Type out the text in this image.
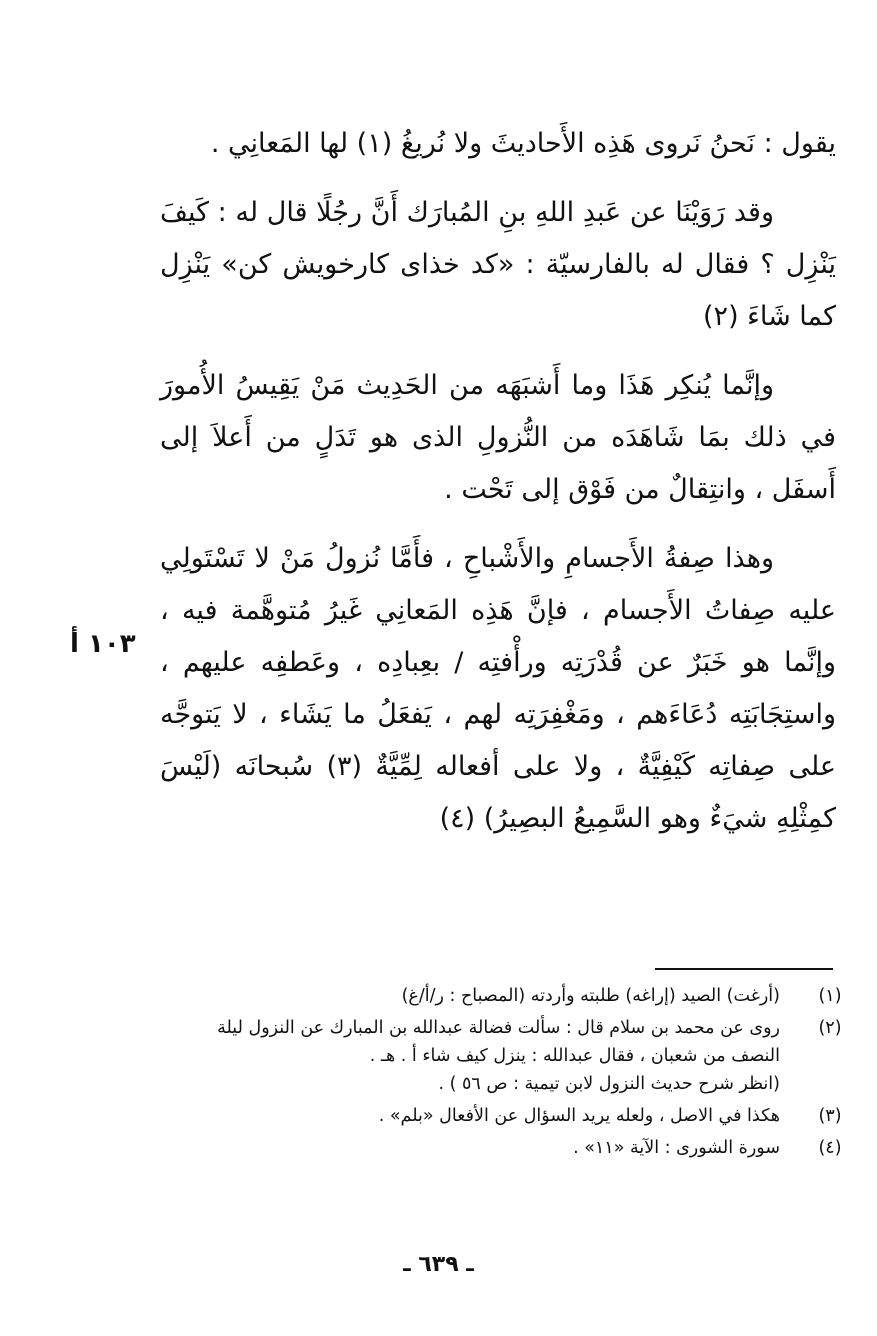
يقول : نَحنُ نَروى هَذِه الأَحاديثَ ولا نُريغُ (١) لها المَعانِي .

وقد رَوَيْنَا عن عَبدِ اللهِ بنِ المُبارَك أَنَّ رجُلًا قال له : كَيفَ يَنْزِل ؟ فقال له بالفارسيّة : «كد خذاى كارخويش كن» يَنْزِل كما شَاءَ (٢)

وإنَّما يُنكِر هَذَا وما أَشبَهَه من الحَدِيث مَنْ يَقِيسُ الأُمورَ في ذلك بمَا شَاهَدَه من النُّزولِ الذى هو تَدَلٍ من أَعلاَ إلى أَسفَل ، وانتِقالٌ من فَوْق إلى تَحْت .

وهذا صِفةُ الأَجسامِ والأَشْباحِ ، فأَمَّا نُزولُ مَنْ لا تَسْتَولِي عليه صِفاتُ الأَجسام ، فإنَّ هَذِه المَعانِي غَيرُ مُتوهَّمة فيه ، وإنَّما هو خَبَرٌ عن قُدْرَتِه ورأْفتِه / بعِبادِه ، وعَطفِه عليهم ، واستِجَابَتِه دُعَاءَهم ، ومَغْفِرَتِه لهم ، يَفعَلُ ما يَشَاء ، لا يَتوجَّه على صِفاتِه كَيْفِيَّةٌ ، ولا على أفعاله لِمِّيَّةٌ (٣) سُبحانَه (لَيْسَ كمِثْلِهِ شيَءٌ وهو السَّمِيعُ البصِيرُ) (٤)

١٠٣ أ
(١)
(أرغت) الصيد (إراغه) طلبته وأردته (المصباح : ر/أ/غ)
(٢)
روى عن محمد بن سلام قال : سألت فضالة عبدالله بن المبارك عن النزول ليلة
النصف من شعبان ، فقال عبدالله : ينزل كيف شاء أ . هـ .
(انظر شرح حديث النزول لابن تيمية : ص ٥٦ ) .
(٣)
هكذا في الاصل ، ولعله يريد السؤال عن الأفعال «بلم» .
(٤)
سورة الشورى : الآية «١١» .
ـ ٦٣٩ ـ
